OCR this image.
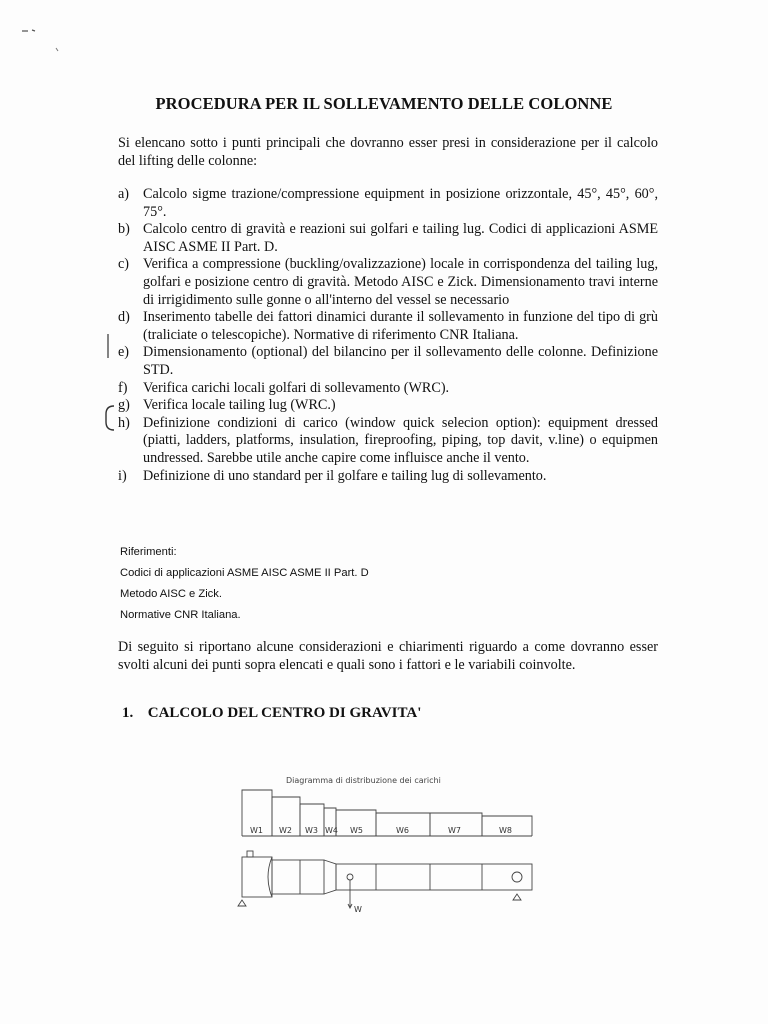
PROCEDURA PER IL SOLLEVAMENTO DELLE COLONNE
Si elencano sotto i punti principali che dovranno esser presi in considerazione per il calcolo del lifting delle colonne:
a) Calcolo sigme trazione/compressione equipment in posizione orizzontale, 45°, 45°, 60°, 75°.
b) Calcolo centro di gravità e reazioni sui golfari e tailing lug. Codici di applicazioni ASME AISC ASME II Part. D.
c) Verifica a compressione (buckling/ovalizzazione) locale in corrispondenza del tailing lug, golfari e posizione centro di gravità. Metodo AISC e Zick. Dimensionamento travi interne di irrigidimento sulle gonne o all'interno del vessel se necessario
d) Inserimento tabelle dei fattori dinamici durante il sollevamento in funzione del tipo di grù (traliciate o telescopiche). Normative di riferimento CNR Italiana.
e) Dimensionamento (optional) del bilancino per il sollevamento delle colonne. Definizione STD.
f)	Verifica carichi locali golfari di sollevamento (WRC).
g) Verifica locale tailing lug (WRC.)
h) Definizione condizioni di carico (window quick selecion option): equipment dressed (piatti, ladders, platforms, insulation, fireproofing, piping, top davit, v.line) o equipmen undressed. Sarebbe utile anche capire come influisce anche il vento.
i)	Definizione di uno standard per il golfare e tailing lug di sollevamento.
Riferimenti:
Codici di applicazioni ASME AISC ASME II Part. D
Metodo AISC e Zick.
Normative CNR Italiana.
Di seguito si riportano alcune considerazioni e chiarimenti riguardo a come dovranno esser svolti alcuni dei punti sopra elencati e quali sono i fattori e le variabili coinvolte.
1. CALCOLO DEL CENTRO DI GRAVITA'
Diagramma di distribuzione dei carichi
W1 W2 W3 W4 W5	W6	W7	W8
W
